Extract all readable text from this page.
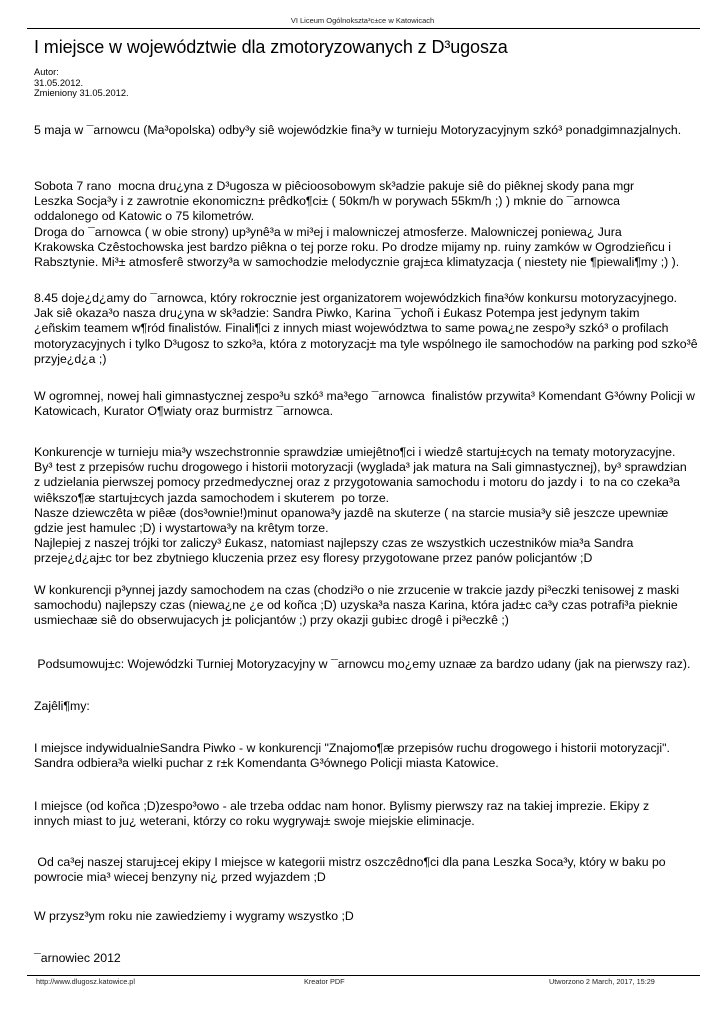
VI Liceum Ogólnokszta³c±ce w Katowicach
I miejsce w województwie dla zmotoryzowanych z D³ugosza
Autor:
31.05.2012.
Zmieniony 31.05.2012.
5 maja w ¯arnowcu (Ma³opolska) odby³y siê wojewódzkie fina³y w turnieju Motoryzacyjnym szkó³ ponadgimnazjalnych.
Sobota 7 rano  mocna dru¿yna z D³ugosza w piêcioosobowym sk³adzie pakuje siê do piêknej skody pana mgr
Leszka Socja³y i z zawrotnie ekonomiczn± prêdko¶ci± ( 50km/h w porywach 55km/h ;) ) mknie do ¯arnowca
oddalonego od Katowic o 75 kilometrów.
Droga do ¯arnowca ( w obie strony) up³ynê³a w mi³ej i malowniczej atmosferze. Malowniczej poniewa¿ Jura
Krakowska Czêstochowska jest bardzo piêkna o tej porze roku. Po drodze mijamy np. ruiny zamków w Ogrodzieñcu i
Rabsztynie. Mi³± atmosferê stworzy³a w samochodzie melodycznie graj±ca klimatyzacja ( niestety nie ¶piewali¶my ;) ).
8.45 doje¿d¿amy do ¯arnowca, który rokrocznie jest organizatorem wojewódzkich fina³ów konkursu motoryzacyjnego.
Jak siê okaza³o nasza dru¿yna w sk³adzie: Sandra Piwko, Karina ¯ychoñ i £ukasz Potempa jest jedynym takim
¿eñskim teamem w¶ród finalistów. Finali¶ci z innych miast województwa to same powa¿ne zespo³y szkó³ o profilach
motoryzacyjnych i tylko D³ugosz to szko³a, która z motoryzacj± ma tyle wspólnego ile samochodów na parking pod szko³ê
przyje¿d¿a ;)
W ogromnej, nowej hali gimnastycznej zespo³u szkó³ ma³ego ¯arnowca  finalistów przywita³ Komendant G³ówny Policji w
Katowicach, Kurator O¶wiaty oraz burmistrz ¯arnowca.
Konkurencje w turnieju mia³y wszechstronnie sprawdziæ umiejêtno¶ci i wiedzê startuj±cych na tematy motoryzacyjne.
By³ test z przepisów ruchu drogowego i historii motoryzacji (wyglada³ jak matura na Sali gimnastycznej), by³ sprawdzian
z udzielania pierwszej pomocy przedmedycznej oraz z przygotowania samochodu i motoru do jazdy i  to na co czeka³a
wiêkszo¶æ startuj±cych jazda samochodem i skuterem  po torze.
Nasze dziewczêta w piêæ (dos³ownie!)minut opanowa³y jazdê na skuterze ( na starcie musia³y siê jeszcze upewniæ
gdzie jest hamulec ;D) i wystartowa³y na krêtym torze.
Najlepiej z naszej trójki tor zaliczy³ £ukasz, natomiast najlepszy czas ze wszystkich uczestników mia³a Sandra
przeje¿d¿aj±c tor bez zbytniego kluczenia przez esy floresy przygotowane przez panów policjantów ;D
W konkurencji p³ynnej jazdy samochodem na czas (chodzi³o o nie zrzucenie w trakcie jazdy pi³eczki tenisowej z maski
samochodu) najlepszy czas (niewa¿ne ¿e od koñca ;D) uzyska³a nasza Karina, która jad±c ca³y czas potrafi³a pieknie
usmiechaæ siê do obserwujacych j± policjantów ;) przy okazji gubi±c drogê i pi³eczkê ;)
Podsumowuj±c: Wojewódzki Turniej Motoryzacyjny w ¯arnowcu mo¿emy uznaæ za bardzo udany (jak na pierwszy raz).
Zajêli¶my:
I miejsce indywidualnieSandra Piwko - w konkurencji "Znajomo¶æ przepisów ruchu drogowego i historii motoryzacji".
Sandra odbiera³a wielki puchar z r±k Komendanta G³ównego Policji miasta Katowice.
I miejsce (od koñca ;D)zespo³owo - ale trzeba oddac nam honor. Bylismy pierwszy raz na takiej imprezie. Ekipy z
innych miast to ju¿ weterani, którzy co roku wygrywaj± swoje miejskie eliminacje.
Od ca³ej naszej staruj±cej ekipy I miejsce w kategorii mistrz oszczêdno¶ci dla pana Leszka Soca³y, który w baku po
powrocie mia³ wiecej benzyny ni¿ przed wyjazdem ;D
W przysz³ym roku nie zawiedziemy i wygramy wszystko ;D
¯arnowiec 2012
http://www.dlugosz.katowice.pl	Kreator PDF	Utworzono 2 March, 2017, 15:29
